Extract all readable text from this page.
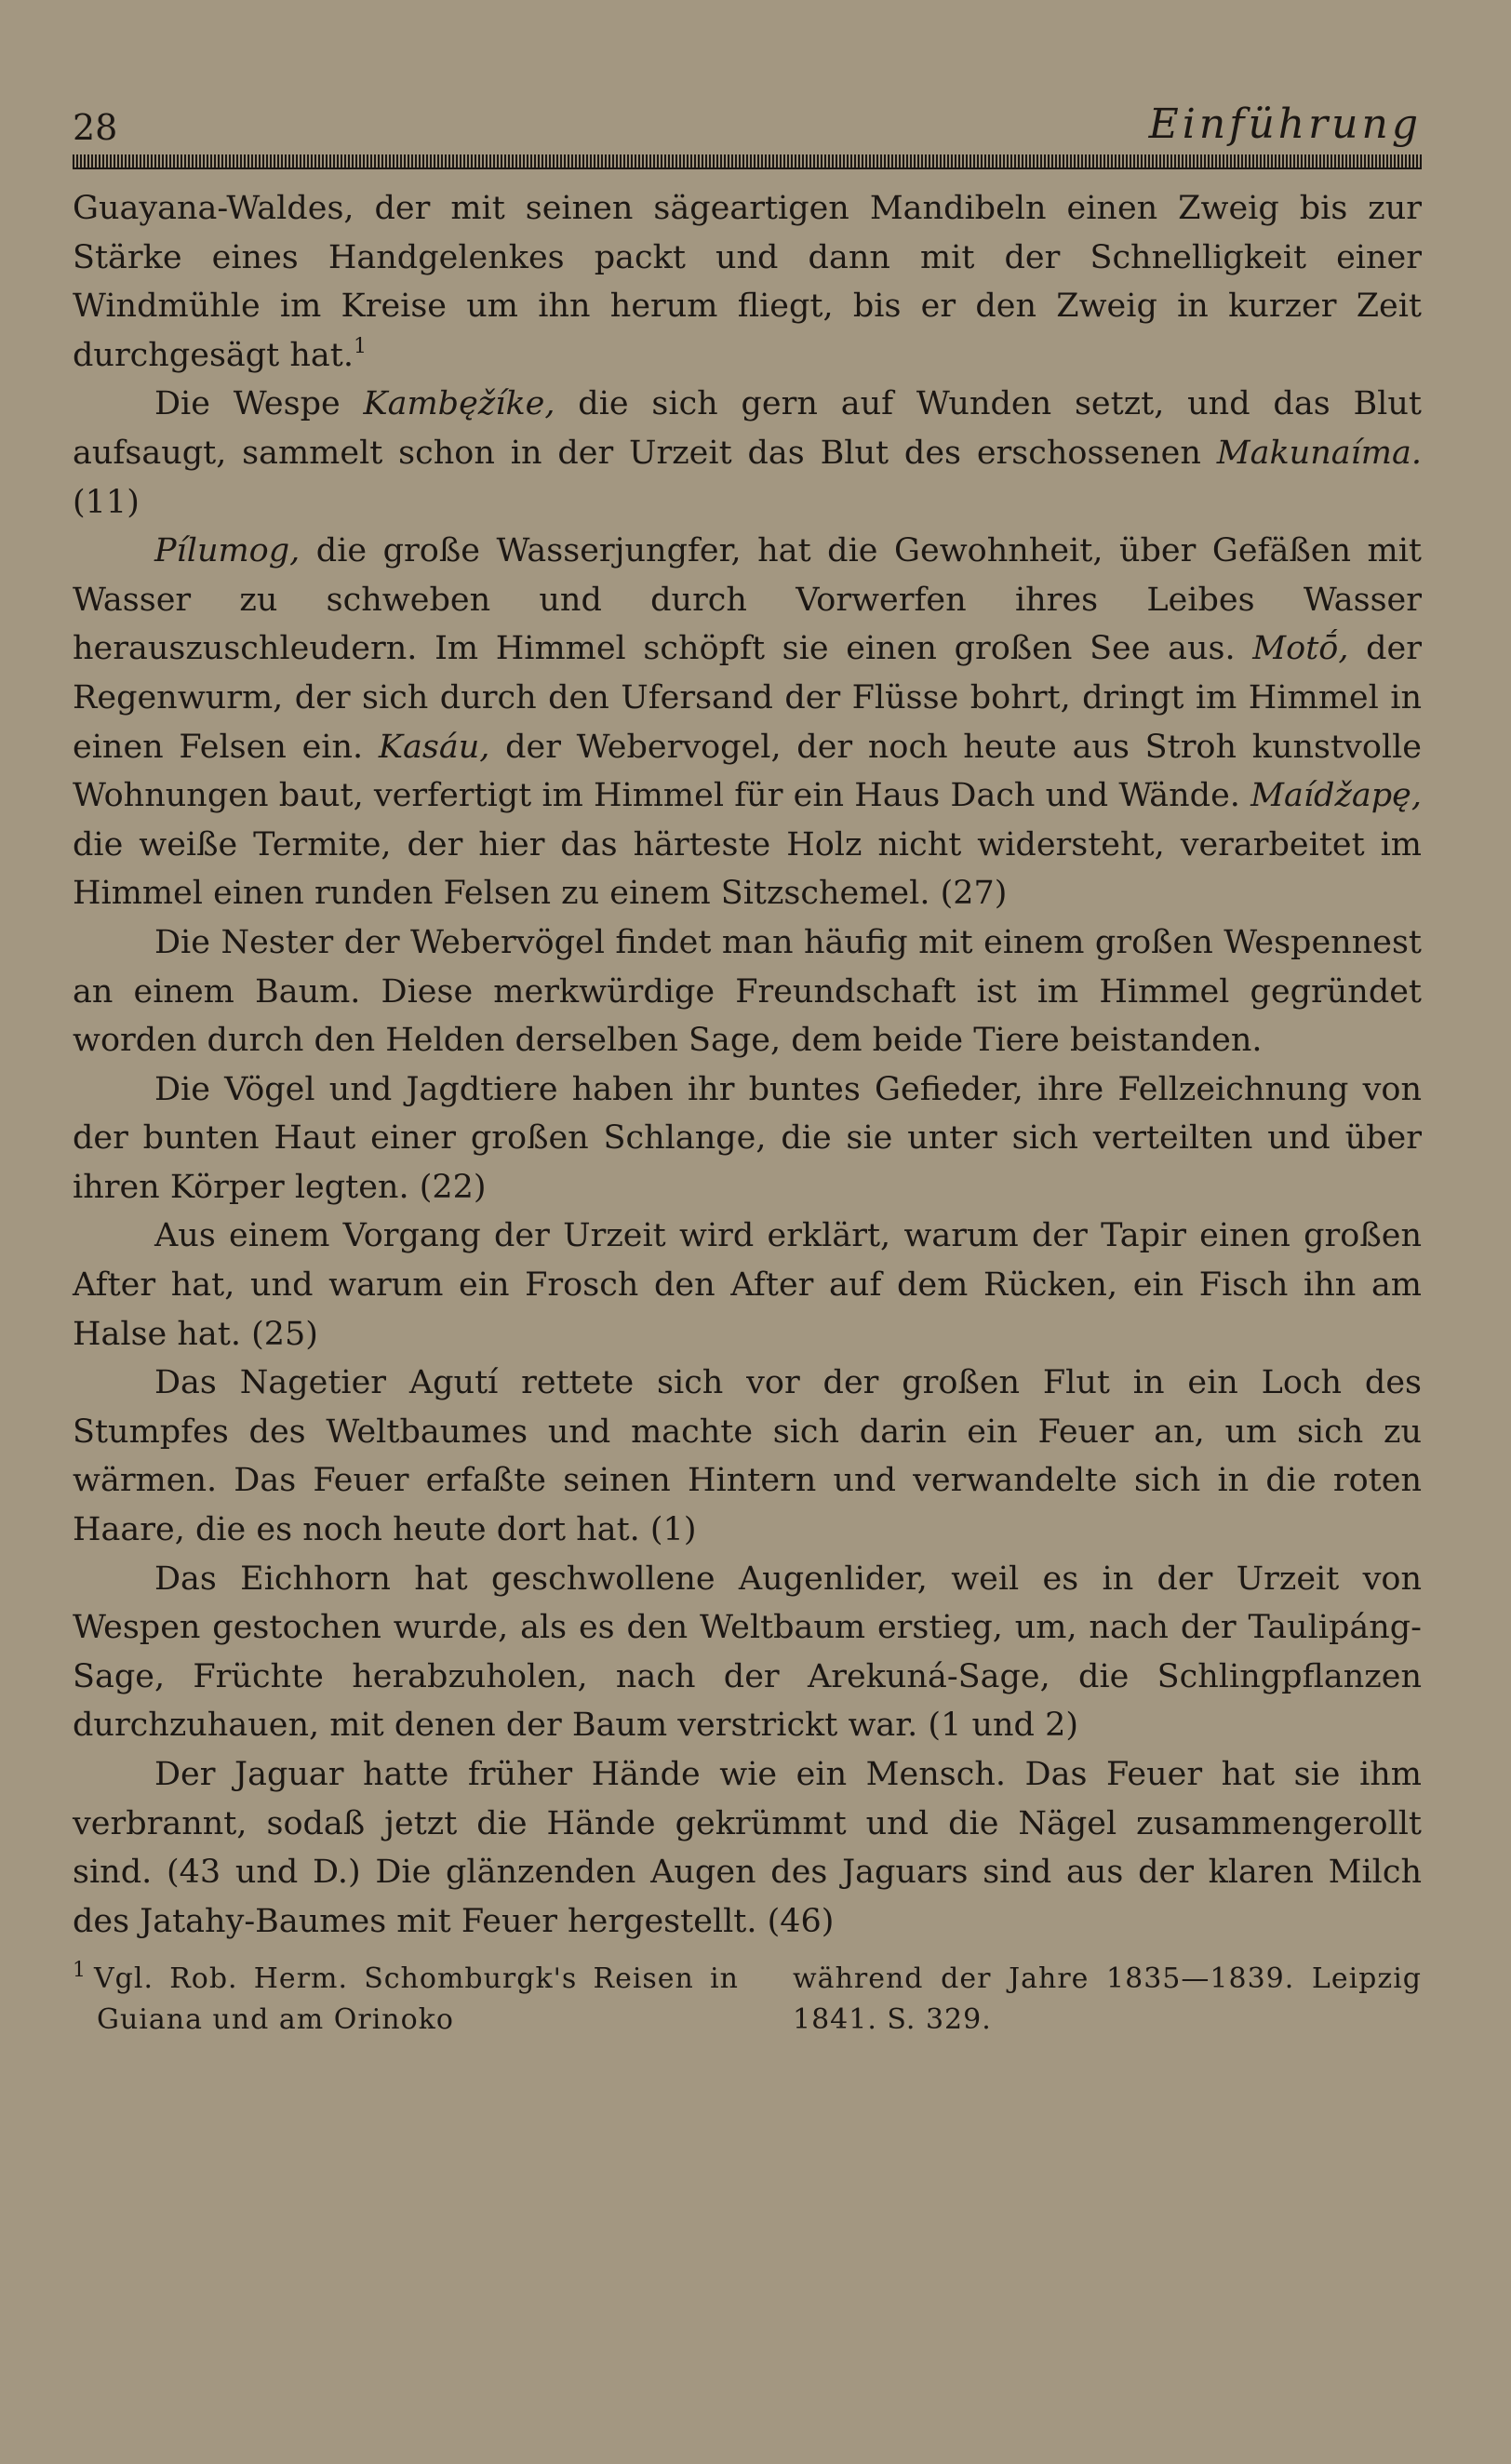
28	Einführung

Guayana-Waldes, der mit seinen sägeartigen Mandibeln einen Zweig bis zur Stärke eines Handgelenkes packt und dann mit der Schnelligkeit einer Windmühle im Kreise um ihn herum fliegt, bis er den Zweig in kurzer Zeit durchgesägt hat.$^1$

Die Wespe Kambęžíke, die sich gern auf Wunden setzt, und das Blut aufsaugt, sammelt schon in der Urzeit das Blut des erschossenen Makunaíma. (11)

Pílumog, die große Wasserjungfer, hat die Gewohnheit, über Gefäßen mit Wasser zu schweben und durch Vorwerfen ihres Leibes Wasser herauszuschleudern. Im Himmel schöpft sie einen großen See aus. Motṓ, der Regenwurm, der sich durch den Ufersand der Flüsse bohrt, dringt im Himmel in einen Felsen ein. Kasáu, der Webervogel, der noch heute aus Stroh kunstvolle Wohnungen baut, verfertigt im Himmel für ein Haus Dach und Wände. Maídžapę, die weiße Termite, der hier das härteste Holz nicht widersteht, verarbeitet im Himmel einen runden Felsen zu einem Sitzschemel. (27)

Die Nester der Webervögel findet man häufig mit einem großen Wespennest an einem Baum. Diese merkwürdige Freundschaft ist im Himmel gegründet worden durch den Helden derselben Sage, dem beide Tiere beistanden.

Die Vögel und Jagdtiere haben ihr buntes Gefieder, ihre Fellzeichnung von der bunten Haut einer großen Schlange, die sie unter sich verteilten und über ihren Körper legten. (22)

Aus einem Vorgang der Urzeit wird erklärt, warum der Tapir einen großen After hat, und warum ein Frosch den After auf dem Rücken, ein Fisch ihn am Halse hat. (25)

Das Nagetier Agutí rettete sich vor der großen Flut in ein Loch des Stumpfes des Weltbaumes und machte sich darin ein Feuer an, um sich zu wärmen. Das Feuer erfaßte seinen Hintern und verwandelte sich in die roten Haare, die es noch heute dort hat. (1)

Das Eichhorn hat geschwollene Augenlider, weil es in der Urzeit von Wespen gestochen wurde, als es den Weltbaum erstieg, um, nach der Taulipáng-Sage, Früchte herabzuholen, nach der Arekuná-Sage, die Schlingpflanzen durchzuhauen, mit denen der Baum verstrickt war. (1 und 2)

Der Jaguar hatte früher Hände wie ein Mensch. Das Feuer hat sie ihm verbrannt, sodaß jetzt die Hände gekrümmt und die Nägel zusammengerollt sind. (43 und D.) Die glänzenden Augen des Jaguars sind aus der klaren Milch des Jatahy-Baumes mit Feuer hergestellt. (46)

$^1$ Vgl. Rob. Herm. Schomburgk's Reisen in Guiana und am Orinoko
während der Jahre 1835—1839. Leipzig 1841. S. 329.
